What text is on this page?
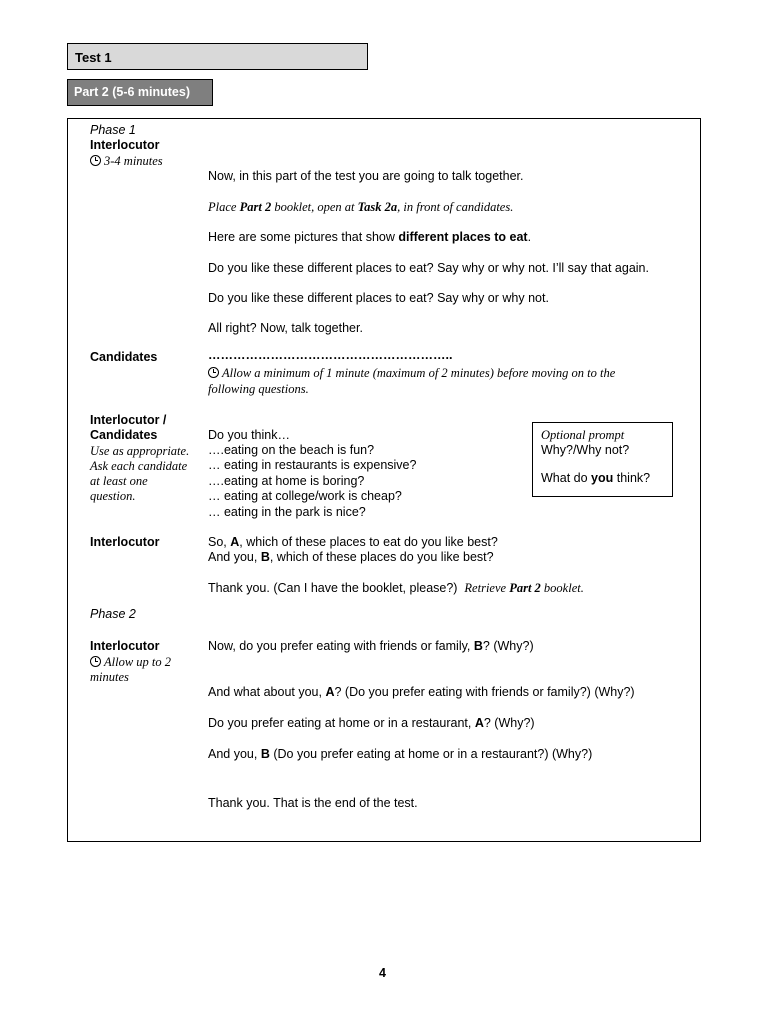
Test 1
Part 2 (5-6 minutes)
Phase 1
Interlocutor
3-4 minutes
Now, in this part of the test you are going to talk together.
Place Part 2 booklet, open at Task 2a, in front of candidates.
Here are some pictures that show different places to eat.
Do you like these different places to eat? Say why or why not. I’ll say that again.
Do you like these different places to eat? Say why or why not.
All right? Now, talk together.
Candidates	…………………………………………………..
Allow a minimum of 1 minute (maximum of 2 minutes) before moving on to the
following questions.
Interlocutor /
Candidates
Use as appropriate.
Ask each candidate
at least one
question.
Do you think…
….eating on the beach is fun?
… eating in restaurants is expensive?
….eating at home is boring?
… eating at college/work is cheap?
… eating in the park is nice?
Optional prompt
Why?/Why not?
What do you think?
Interlocutor	So, A, which of these places to eat do you like best?
And you, B, which of these places do you like best?
Thank you. (Can I have the booklet, please?) Retrieve Part 2 booklet.
Phase 2
Interlocutor
Allow up to 2
minutes
Now, do you prefer eating with friends or family, B? (Why?)
And what about you, A? (Do you prefer eating with friends or family?) (Why?)
Do you prefer eating at home or in a restaurant, A? (Why?)
And you, B (Do you prefer eating at home or in a restaurant?) (Why?)
Thank you. That is the end of the test.
4
